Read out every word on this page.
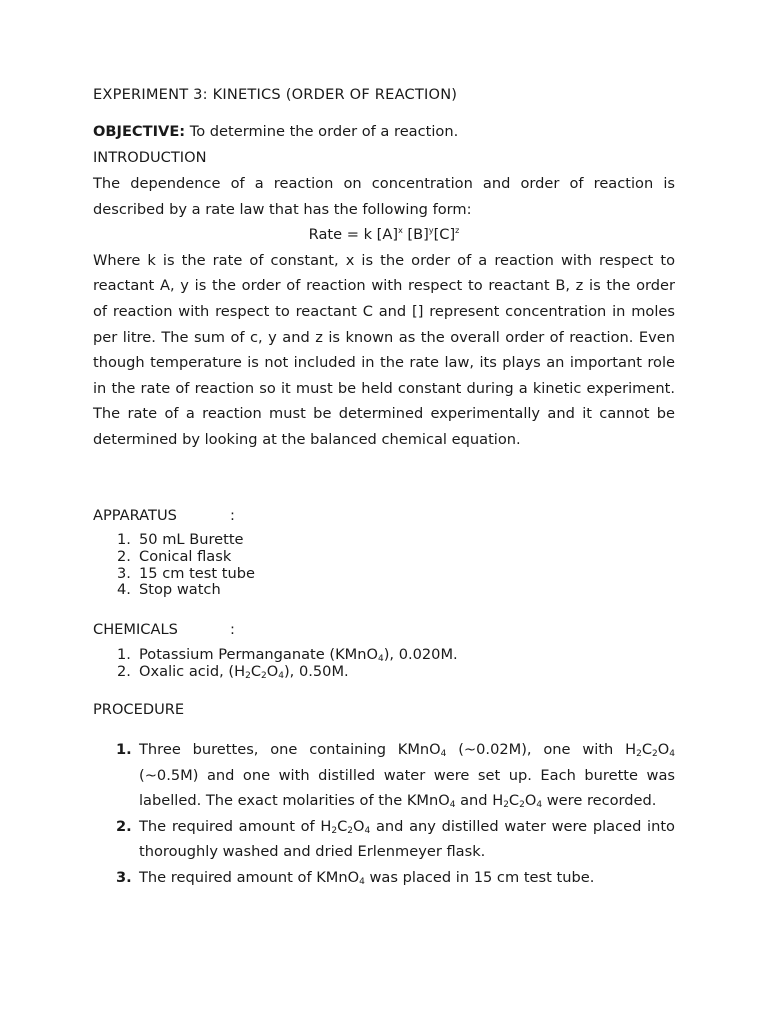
EXPERIMENT 3: KINETICS (ORDER OF REACTION)
OBJECTIVE: To determine the order of a reaction.
INTRODUCTION

The dependence of a reaction on concentration and order of reaction is described by a rate law that has the following form:

Rate = k $[A]^x$ $[B]^y[C]^z$

Where k is the rate of constant, x is the order of a reaction with respect to reactant A, y is the order of reaction with respect to reactant B, z is the order of reaction with respect to reactant C and [] represent concentration in moles per litre. The sum of c, y and z is known as the overall order of reaction. Even though temperature is not included in the rate law, its plays an important role in the rate of reaction so it must be held constant during a kinetic experiment. The rate of a reaction must be determined experimentally and it cannot be determined by looking at the balanced chemical equation.

APPARATUS	:
1. 50 mL Burette
2. Conical flask
3. 15 cm test tube
4. Stop watch
CHEMICALS	:
1. Potassium Permanganate (KMnO$_4$), 0.020M.
2. Oxalic acid, $(H_2C_2O_4)$, 0.50M.
PROCEDURE
1. Three burettes, one containing KMnO$_4$ (~0.02M), one with $H_2C_2O_4$ (~0.5M) and one with distilled water were set up. Each burette was labelled. The exact molarities of the KMnO$_4$ and $H_2C_2O_4$ were recorded.
2. The required amount of $H_2C_2O_4$ and any distilled water were placed into thoroughly washed and dried Erlenmeyer flask.
3. The required amount of KMnO$_4$ was placed in 15 cm test tube.
